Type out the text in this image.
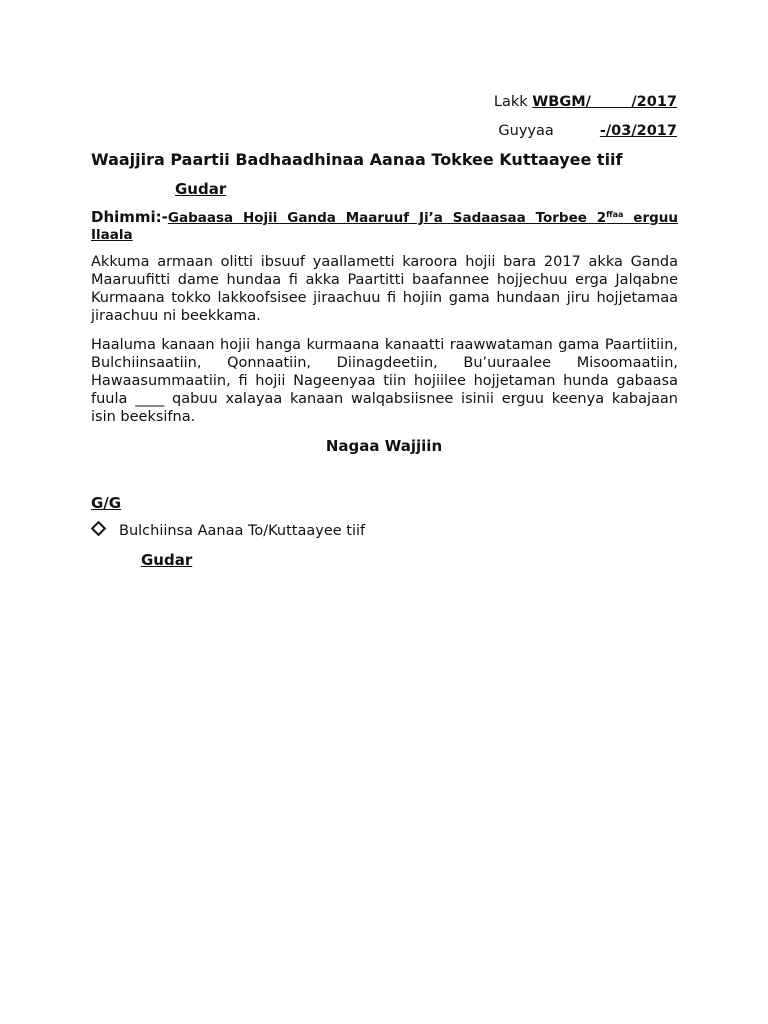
Lakk WBGM/        /2017
Guyyaa	-/03/2017
Waajjira Paartii Badhaadhinaa Aanaa Tokkee Kuttaayee tiif
Gudar
Dhimmi:-Gabaasa Hojii Ganda Maaruuf Ji’a Sadaasaa Torbee $2^{ffaa}$ erguu Ilaala
Akkuma armaan olitti ibsuuf yaallametti karoora hojii bara 2017 akka Ganda Maaruufitti dame hundaa fi akka Paartitti baafannee hojjechuu erga Jalqabne Kurmaana tokko lakkoofsisee jiraachuu fi hojiin gama hundaan jiru hojjetamaa jiraachuu ni beekkama.
Haaluma kanaan hojii hanga kurmaana kanaatti raawwataman gama Paartiitiin, Bulchiinsaatiin, Qonnaatiin, Diinagdeetiin, Bu’uuraalee Misoomaatiin, Hawaasummaatiin, fi hojii Nageenyaa tiin hojiilee hojjetaman hunda gabaasa fuula ____ qabuu xalayaa kanaan walqabsiisnee isinii erguu keenya kabajaan isin beeksifna.
Nagaa Wajjiin
G/G
Bulchiinsa Aanaa To/Kuttaayee tiif
Gudar
